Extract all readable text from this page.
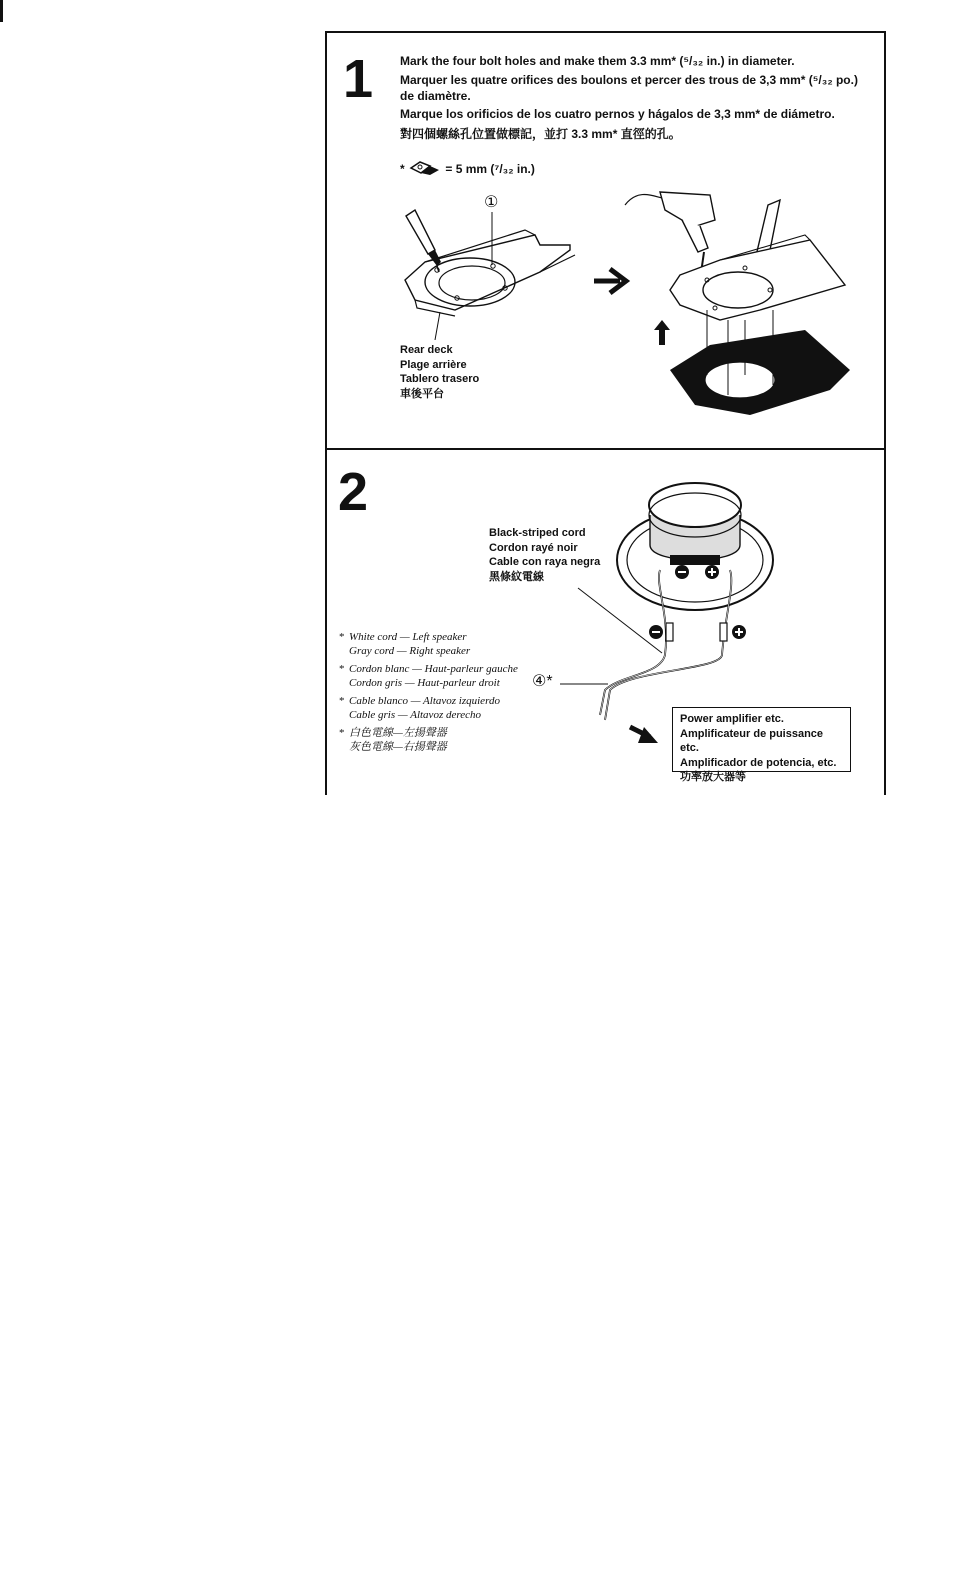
1 Mark the four bolt holes and make them 3.3 mm* (⁵/₃₂ in.) in diameter.
Marquer les quatre orifices des boulons et percer des trous de 3,3 mm* (⁵/₃₂ po.) de diamètre.
Marque los orificios de los cuatro pernos y hágalos de 3,3 mm* de diámetro.
對四個螺絲孔位置做標記，並打 3.3 mm* 直徑的孔。
*	= 5 mm (⁷/₃₂ in.)
①
Rear deck
Plage arrière
Tablero trasero
車後平台
2
Black-striped cord
Cordon rayé noir
Cable con raya negra
黑條紋電線
④*
* White cord — Left speaker
Gray cord — Right speaker
* Cordon blanc — Haut-parleur gauche
Cordon gris — Haut-parleur droit
* Cable blanco — Altavoz izquierdo
Cable gris — Altavoz derecho
* 白色電線—左揚聲器
灰色電線—右揚聲器
Power amplifier etc.
Amplificateur de puissance etc.
Amplificador de potencia, etc.
功率放大器等
